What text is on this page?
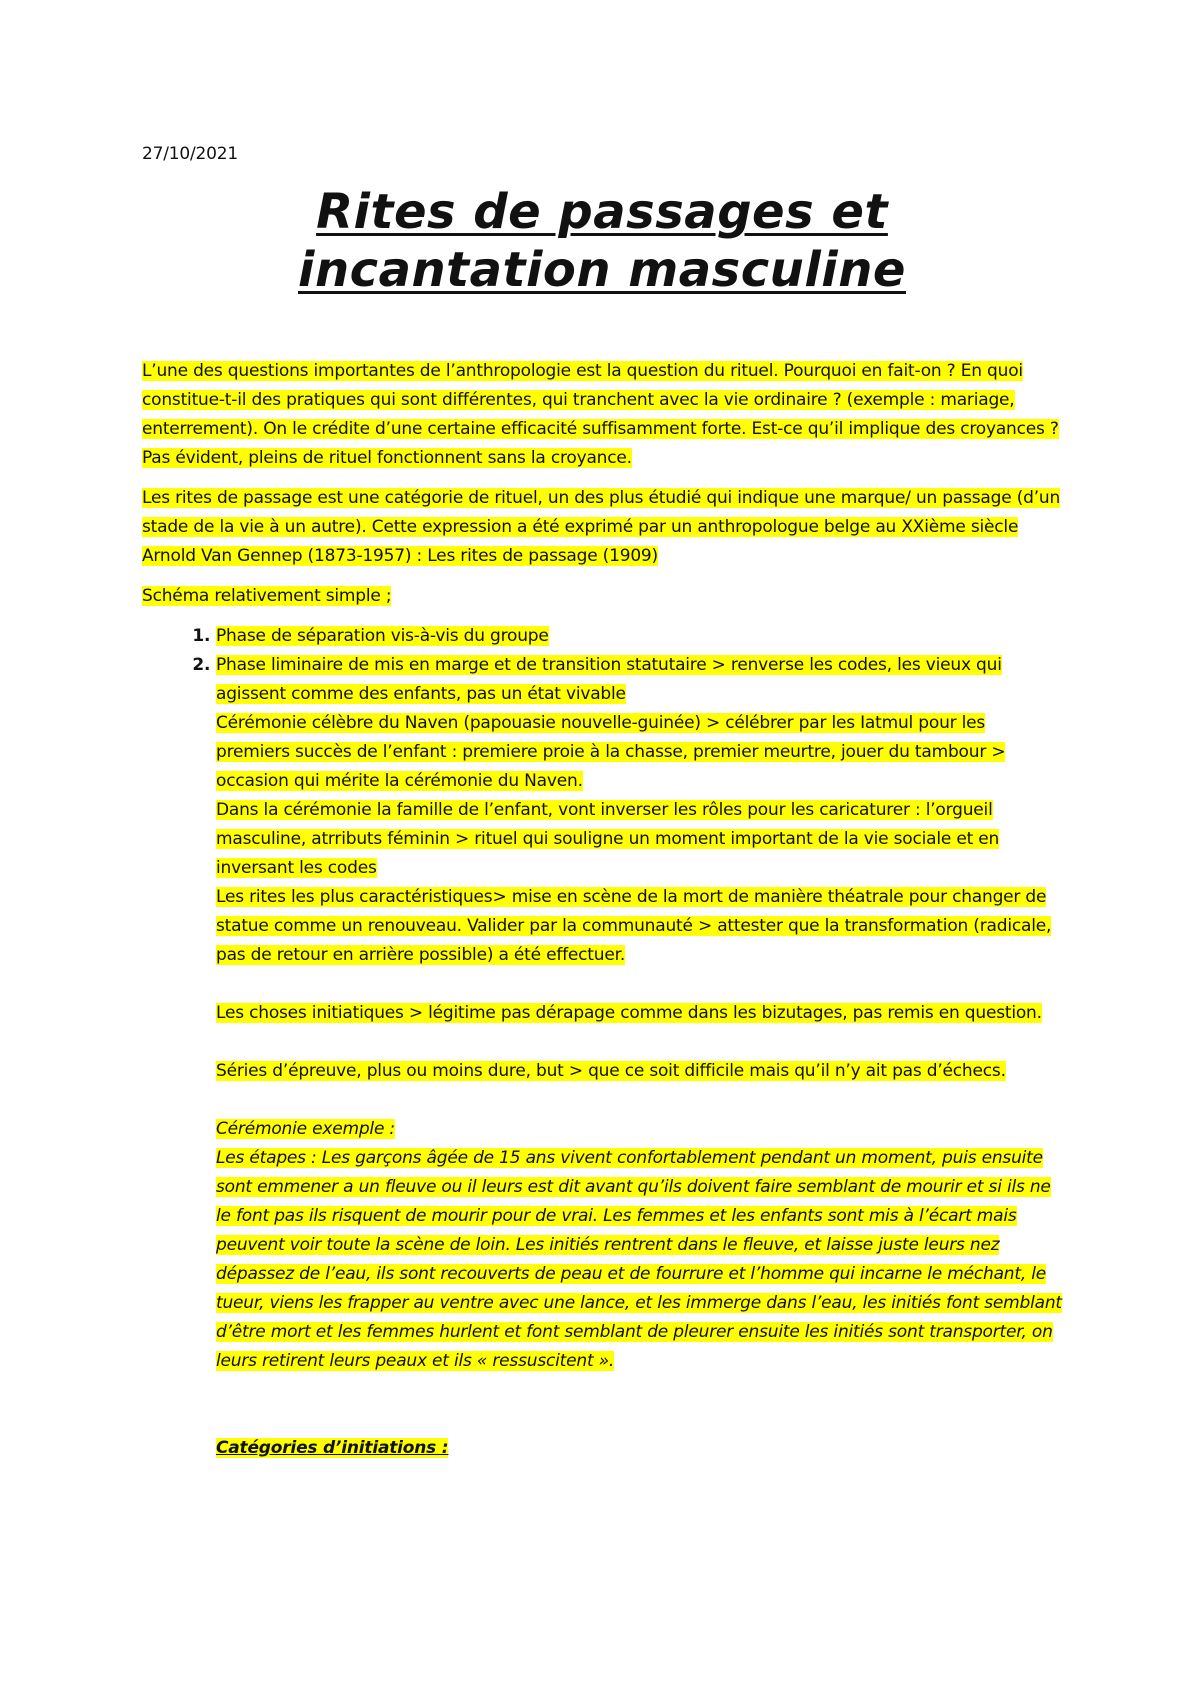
27/10/2021
Rites de passages et
incantation masculine

L’une des questions importantes de l’anthropologie est la question du rituel. Pourquoi en fait-on ? En quoi constitue-t-il des pratiques qui sont différentes, qui tranchent avec la vie ordinaire ? (exemple : mariage, enterrement). On le crédite d’une certaine efficacité suffisamment forte. Est-ce qu’il implique des croyances ? Pas évident, pleins de rituel fonctionnent sans la croyance.

Les rites de passage est une catégorie de rituel, un des plus étudié qui indique une marque/ un passage (d’un stade de la vie à un autre). Cette expression a été exprimé par un anthropologue belge au XXième siècle Arnold Van Gennep (1873-1957) : Les rites de passage (1909)

Schéma relativement simple ;

1. Phase de séparation vis-à-vis du groupe
2. Phase liminaire de mis en marge et de transition statutaire > renverse les codes, les vieux qui agissent comme des enfants, pas un état vivable
Cérémonie célèbre du Naven (papouasie nouvelle-guinée) > célébrer par les Iatmul pour les premiers succès de l’enfant : premiere proie à la chasse, premier meurtre, jouer du tambour > occasion qui mérite la cérémonie du Naven.
Dans la cérémonie la famille de l’enfant, vont inverser les rôles pour les caricaturer : l’orgueil masculine, atrributs féminin > rituel qui souligne un moment important de la vie sociale et en inversant les codes
Les rites les plus caractéristiques> mise en scène de la mort de manière théatrale pour changer de statue comme un renouveau. Valider par la communauté > attester que la transformation (radicale, pas de retour en arrière possible) a été effectuer.
Les choses initiatiques > légitime pas dérapage comme dans les bizutages, pas remis en question.
Séries d’épreuve, plus ou moins dure, but > que ce soit difficile mais qu’il n’y ait pas d’échecs.
Cérémonie exemple :
Les étapes : Les garçons âgée de 15 ans vivent confortablement pendant un moment, puis ensuite sont emmener a un fleuve ou il leurs est dit avant qu’ils doivent faire semblant de mourir et si ils ne le font pas ils risquent de mourir pour de vrai. Les femmes et les enfants sont mis à l’écart mais peuvent voir toute la scène de loin. Les initiés rentrent dans le fleuve, et laisse juste leurs nez dépassez de l’eau, ils sont recouverts de peau et de fourrure et l’homme qui incarne le méchant, le tueur, viens les frapper au ventre avec une lance, et les immerge dans l’eau, les initiés font semblant d’être mort et les femmes hurlent et font semblant de pleurer ensuite les initiés sont transporter, on leurs retirent leurs peaux et ils « ressuscitent ».
Catégories d’initiations :
